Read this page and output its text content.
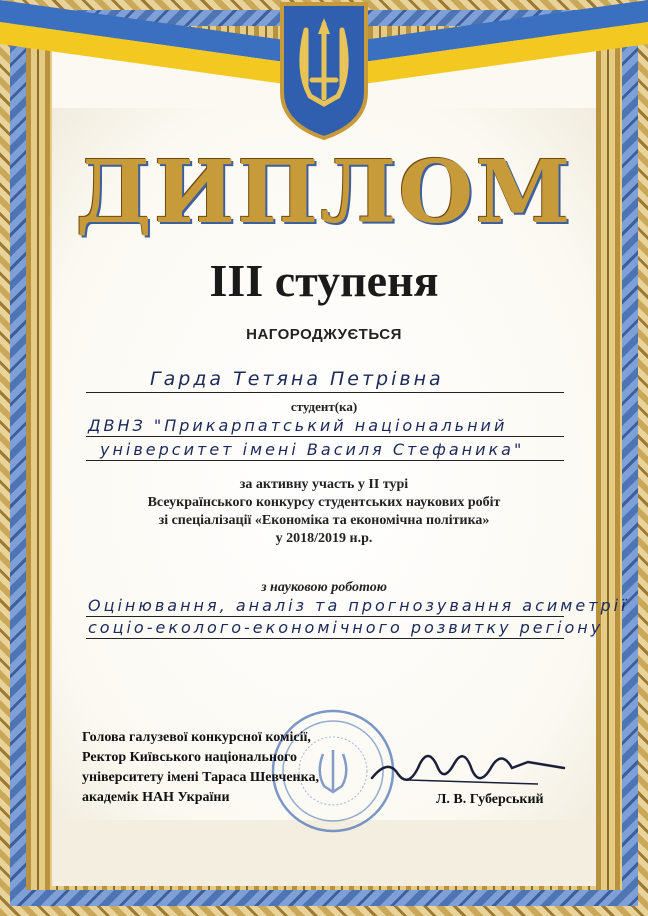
ДИПЛОМ
ІІІ ступеня
НАГОРОДЖУЄТЬСЯ
Гарда Тетяна Петрівна
студент(ка)
ДВНЗ "Прикарпатський національний
університет імені Василя Стефаника"
за активну участь у ІІ турі
Всеукраїнського конкурсу студентських наукових робіт
зі спеціалізації «Економіка та економічна політика»
у 2018/2019 н.р.
з науковою роботою
Оцінювання, аналіз та прогнозування асиметрії
соціо-еколого-економічного розвитку регіону
Голова галузевої конкурсної комісії,
Ректор Київського національного
університету імені Тараса Шевченка,
академік НАН України	Л. В. Губерський
